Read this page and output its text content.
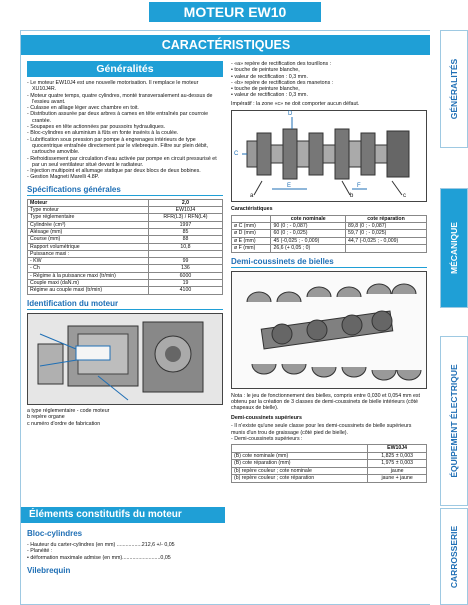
MOTEUR EW10
CARACTÉRISTIQUES
Généralités
- Le moteur EW10J4 est une nouvelle motorisation. Il remplace le moteur XU10J4R.
- Moteur quatre temps, quatre cylindres, monté transversalement au-dessus de l'essieu avant.
- Culasse en alliage léger avec chambre en toit.
- Distribution assurée par deux arbres à cames en tête entraînés par courroie crantée.
- Soupapes en tête actionnées par poussoirs hydrauliques.
- Bloc-cylindres en aluminium à fûts en fonte insérés à la coulée.
- Lubrification sous pression par pompe à engrenages intérieurs de type quocentrique entraînée directement par le vilebrequin. Filtre sur plein débit, cartouche amovible.
- Refroidissement par circulation d'eau activée par pompe en circuit pressurisé et par un seul ventilateur situé devant le radiateur.
- Injection multipoint et allumage statique par deux blocs de deux bobines.
- Gestion Magneti Marelli 4.8P.
Spécifications générales
Moteur	2,0
Type moteur	EW10J4
Type réglementaire	RFR(L3) / RFN(L4)
Cylindrée (cm³)	1997
Alésage (mm)	85
Course (mm)	88
Rapport volumétrique	10,8
Puissance maxi :	
- KW	99
- Ch	136
- Régime à la puissance maxi (tr/min)	6000
Couple maxi (daN.m)	19
Régime au couple maxi (tr/min)	4100
Identification du moteur
a type réglementaire - code moteur
b repère organe
c numéro d'ordre de fabrication
Éléments constitutifs du moteur
Bloc-cylindres
- Hauteur du carter-cylindres (en mm) .................212,6 +/- 0,05
- Planéité :
• déformation maximale admise (en mm)..........................0,05
Vilebrequin
- «a» repère de rectification des tourillons :
• touche de peinture blanche,
• valeur de rectification : 0,3 mm.
- «b» repère de rectification des manetons :
• touche de peinture blanche,
• valeur de rectification : 0,3 mm.
Impératif : la zone «c» ne doit comporter aucun défaut.
C
D
E	F
a	b	c
Caractéristiques
	cote nominale	cote réparation
ø C (mm)	90 (0 ; - 0,087)	89,8 (0 ; - 0,087)
ø D (mm)	60 (0 ; - 0,025)	59,7 (0 ; - 0,025)
ø E (mm)	45 (-0,025 ; - 0,009)	44,7 (-0,025 ; - 0,009)
ø F (mm)	26,6 (+ 0,05 ; 0)	
Demi-coussinets de bielles
Nota : le jeu de fonctionnement des bielles, compris entre 0,030 et 0,054 mm est obtenu par la création de 3 classes de demi-coussinets de bielle intérieurs (côté chapeaux de bielle).
Demi-coussinets supérieurs
- Il n'existe qu'une seule classe pour les demi-coussinets de bielle supérieurs munis d'un trou de graissage (côté pied de bielle).
- Demi-coussinets supérieurs :
	EW10J4
(B) cote nominale (mm)	1,825 ± 0,003
(B) cote réparation (mm)	1,975 ± 0,003
(b) repère couleur ; cote nominale	jaune
(b) repère couleur ; cote réparation	jaune + jaune
GÉNÉRALITÉS
MÉCANIQUE
ÉQUIPEMENT ÉLECTRIQUE
CARROSSERIE
